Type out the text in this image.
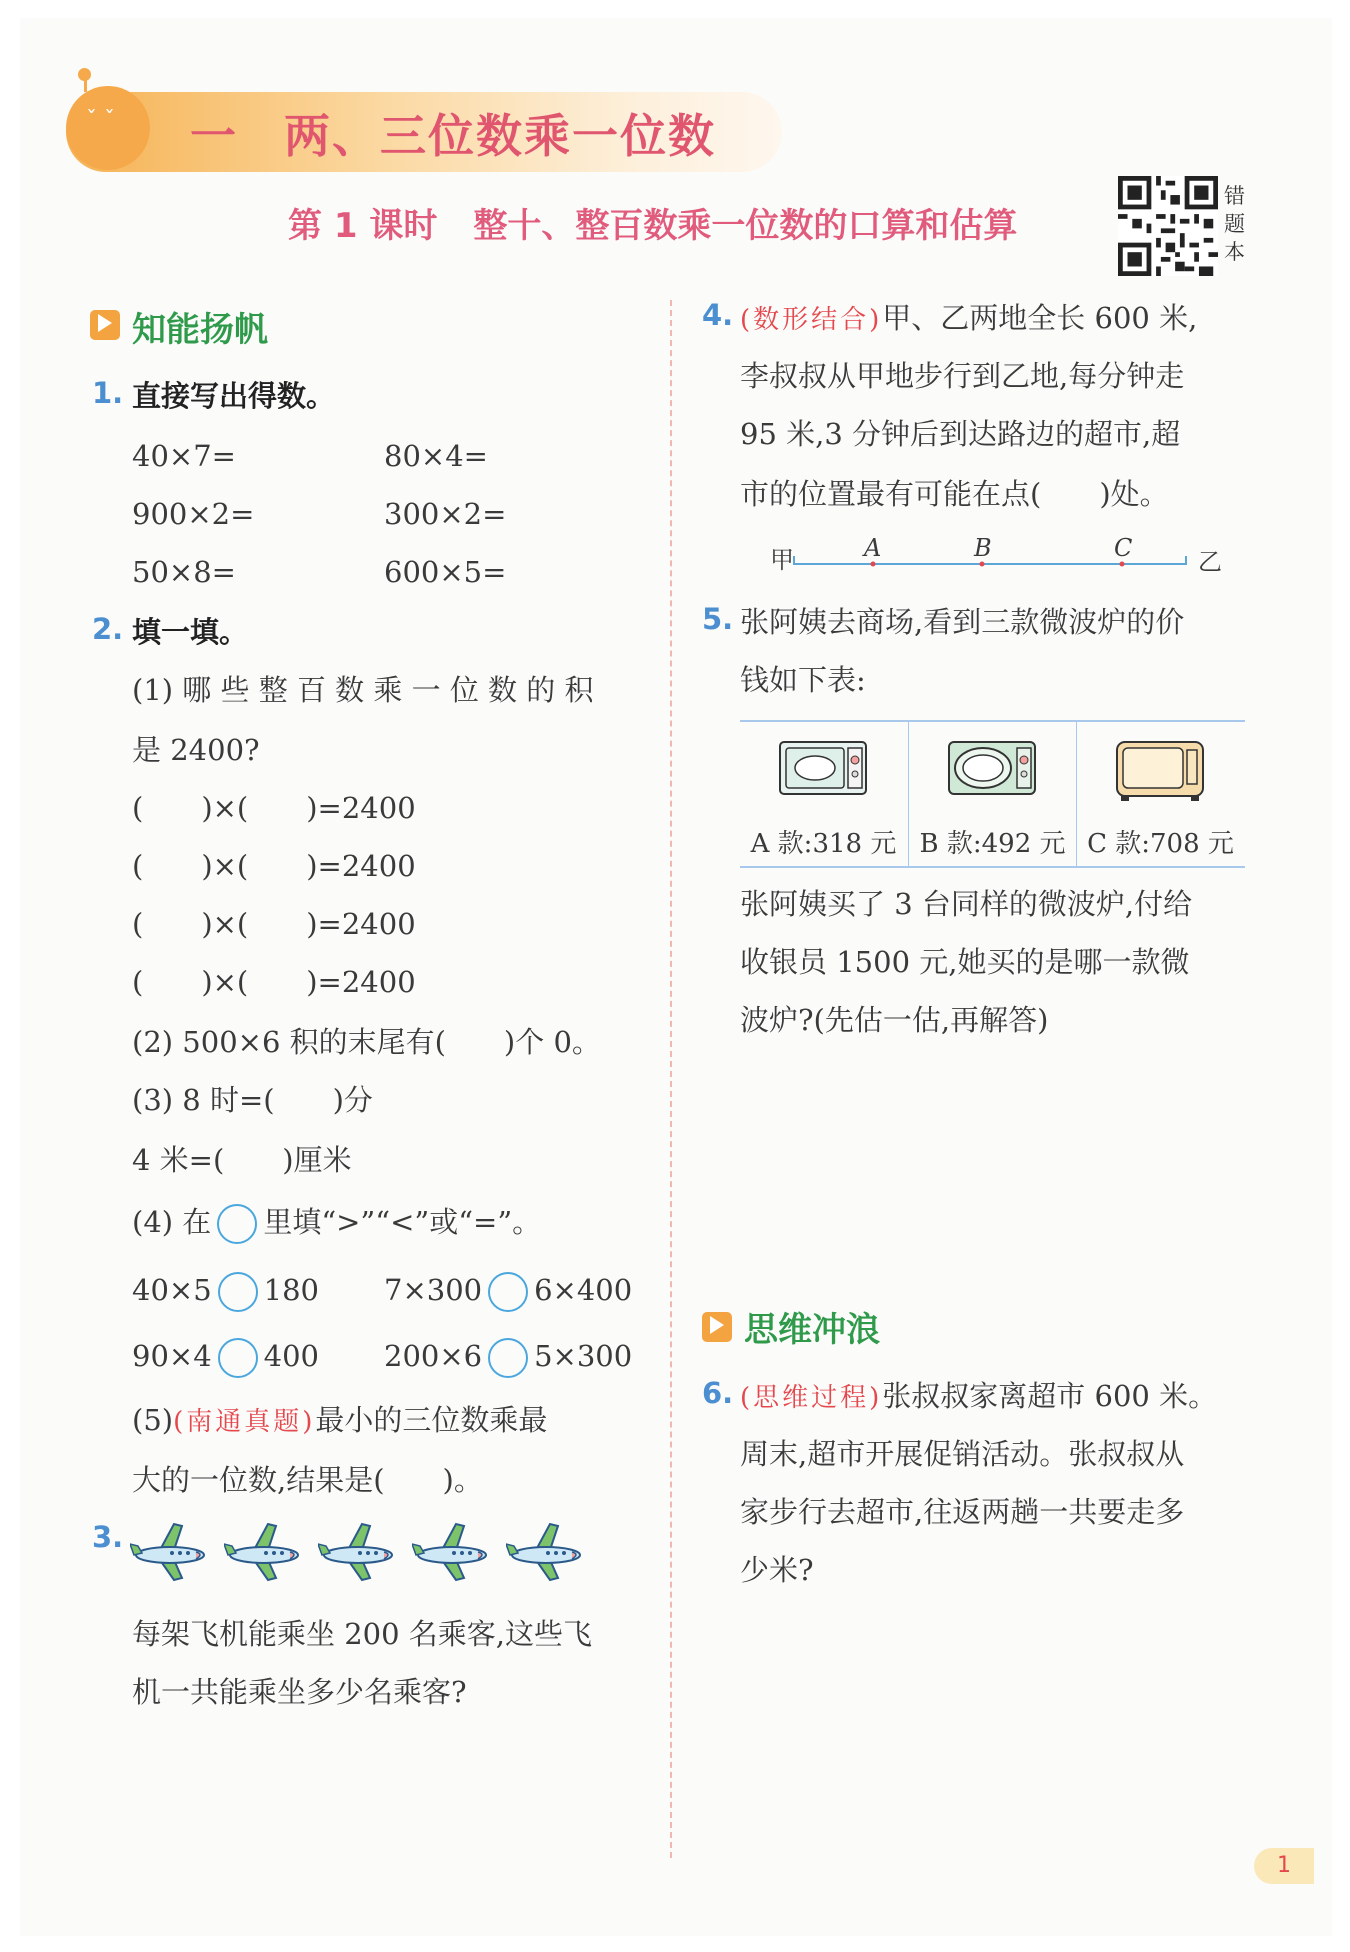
ˇ ˇ 一 两、三位数乘一位数
第 1 课时 整十、整百数乘一位数的口算和估算
错题本
知能扬帆
1. 直接写出得数。
40×7=	80×4=
900×2=	300×2=
50×8=	600×5=
2. 填一填。
(1) 哪 些 整 百 数 乘 一 位 数 的 积
是 2400?
(　　)×(　　)=2400
(　　)×(　　)=2400
(　　)×(　　)=2400
(　　)×(　　)=2400
(2) 500×6 积的末尾有(　　)个 0。
(3) 8 时=(　　)分
4 米=(　　)厘米
(4) 在 里填“>”“<”或“=”。
40×5 180 7×300 6×400
90×4 400 200×6 5×300
(5)(南通真题)最小的三位数乘最
大的一位数,结果是(　　)。
3.
每架飞机能乘坐 200 名乘客,这些飞
机一共能乘坐多少名乘客?
4. (数形结合)甲、乙两地全长 600 米,
李叔叔从甲地步行到乙地,每分钟走
95 米,3 分钟后到达路边的超市,超
市的位置最有可能在点(　　)处。
甲	乙
A	B	C
5. 张阿姨去商场,看到三款微波炉的价
钱如下表:
A 款:318 元 B 款:492 元 C 款:708 元
张阿姨买了 3 台同样的微波炉,付给
收银员 1500 元,她买的是哪一款微
波炉?(先估一估,再解答)
思维冲浪
6. (思维过程)张叔叔家离超市 600 米。
周末,超市开展促销活动。张叔叔从
家步行去超市,往返两趟一共要走多
少米?
1
